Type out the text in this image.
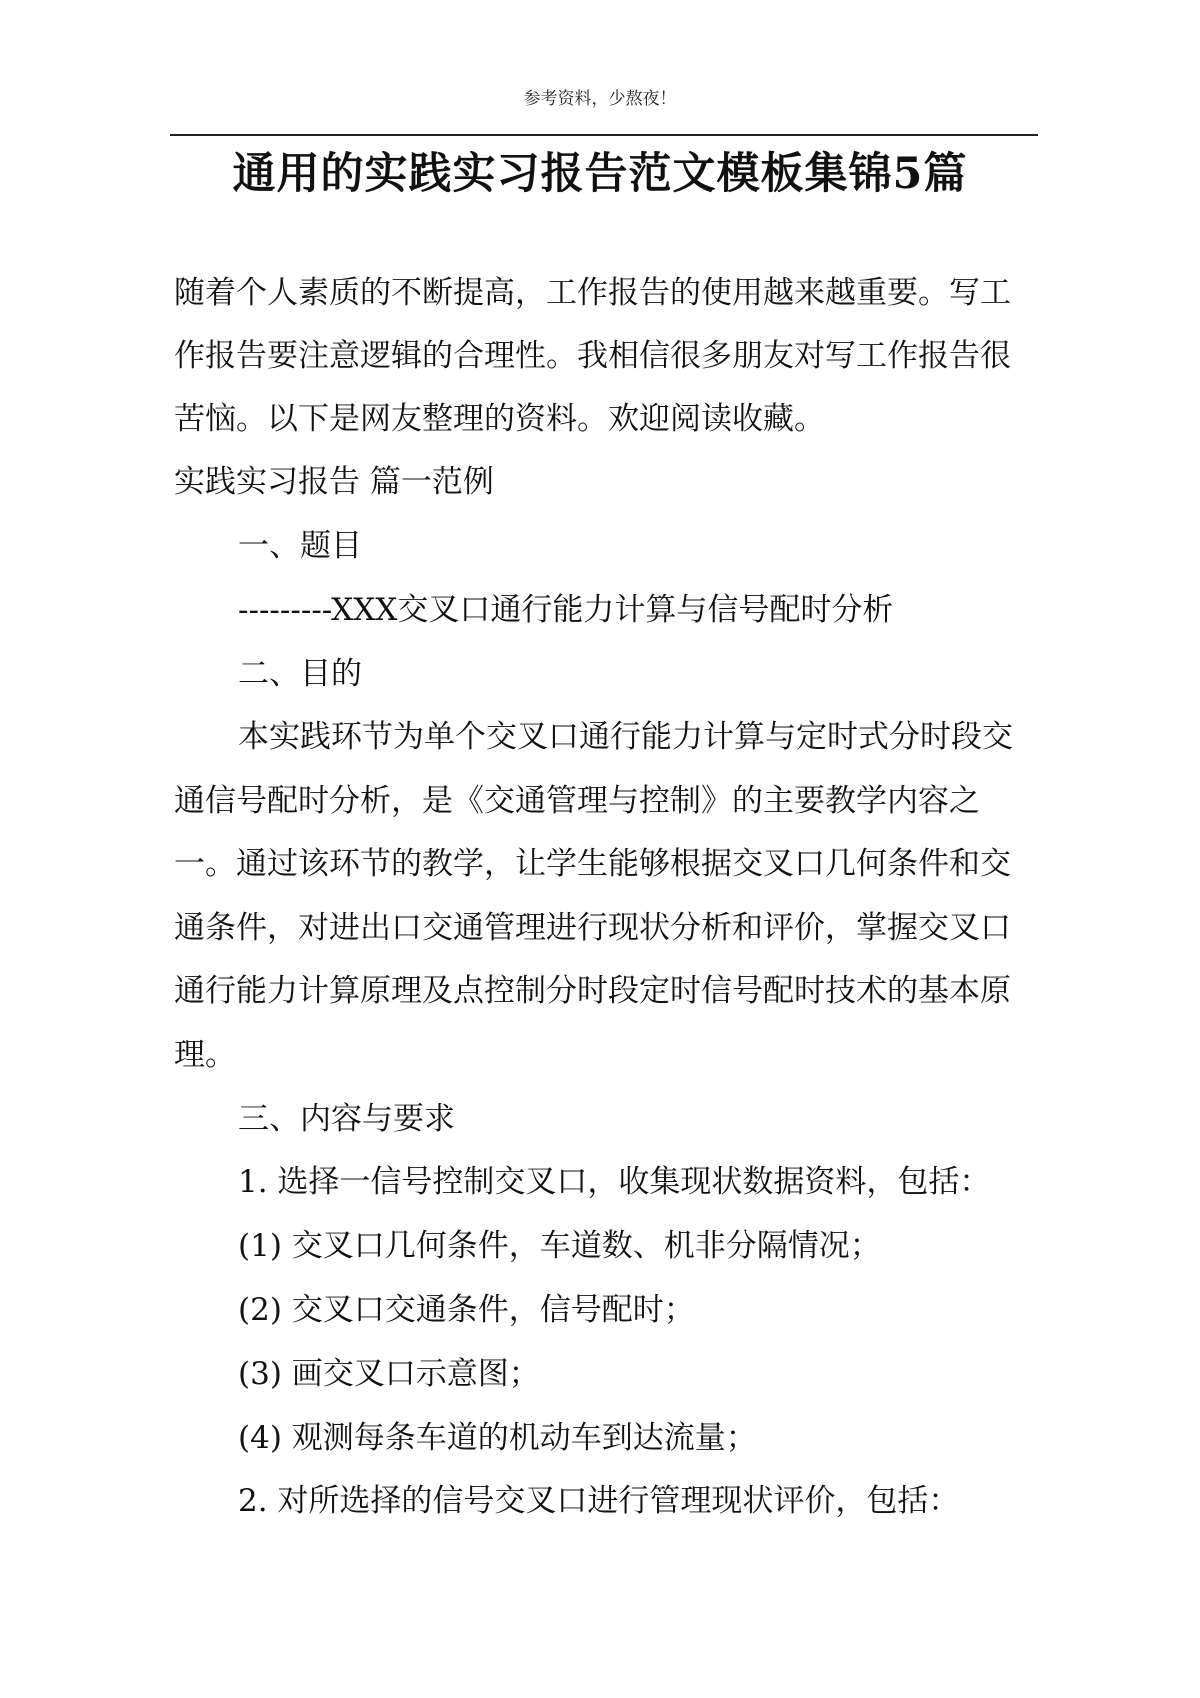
参考资料，少熬夜！
通用的实践实习报告范文模板集锦5篇
随着个人素质的不断提高，工作报告的使用越来越重要。写工作报告要注意逻辑的合理性。我相信很多朋友对写工作报告很苦恼。以下是网友整理的资料。欢迎阅读收藏。
实践实习报告 篇一范例
一、题目
---------XXX交叉口通行能力计算与信号配时分析
二、目的
本实践环节为单个交叉口通行能力计算与定时式分时段交通信号配时分析，是《交通管理与控制》的主要教学内容之一。通过该环节的教学，让学生能够根据交叉口几何条件和交通条件，对进出口交通管理进行现状分析和评价，掌握交叉口通行能力计算原理及点控制分时段定时信号配时技术的基本原理。
三、内容与要求
1. 选择一信号控制交叉口，收集现状数据资料，包括：
(1) 交叉口几何条件，车道数、机非分隔情况；
(2) 交叉口交通条件，信号配时；
(3) 画交叉口示意图；
(4) 观测每条车道的机动车到达流量；
2. 对所选择的信号交叉口进行管理现状评价，包括：
